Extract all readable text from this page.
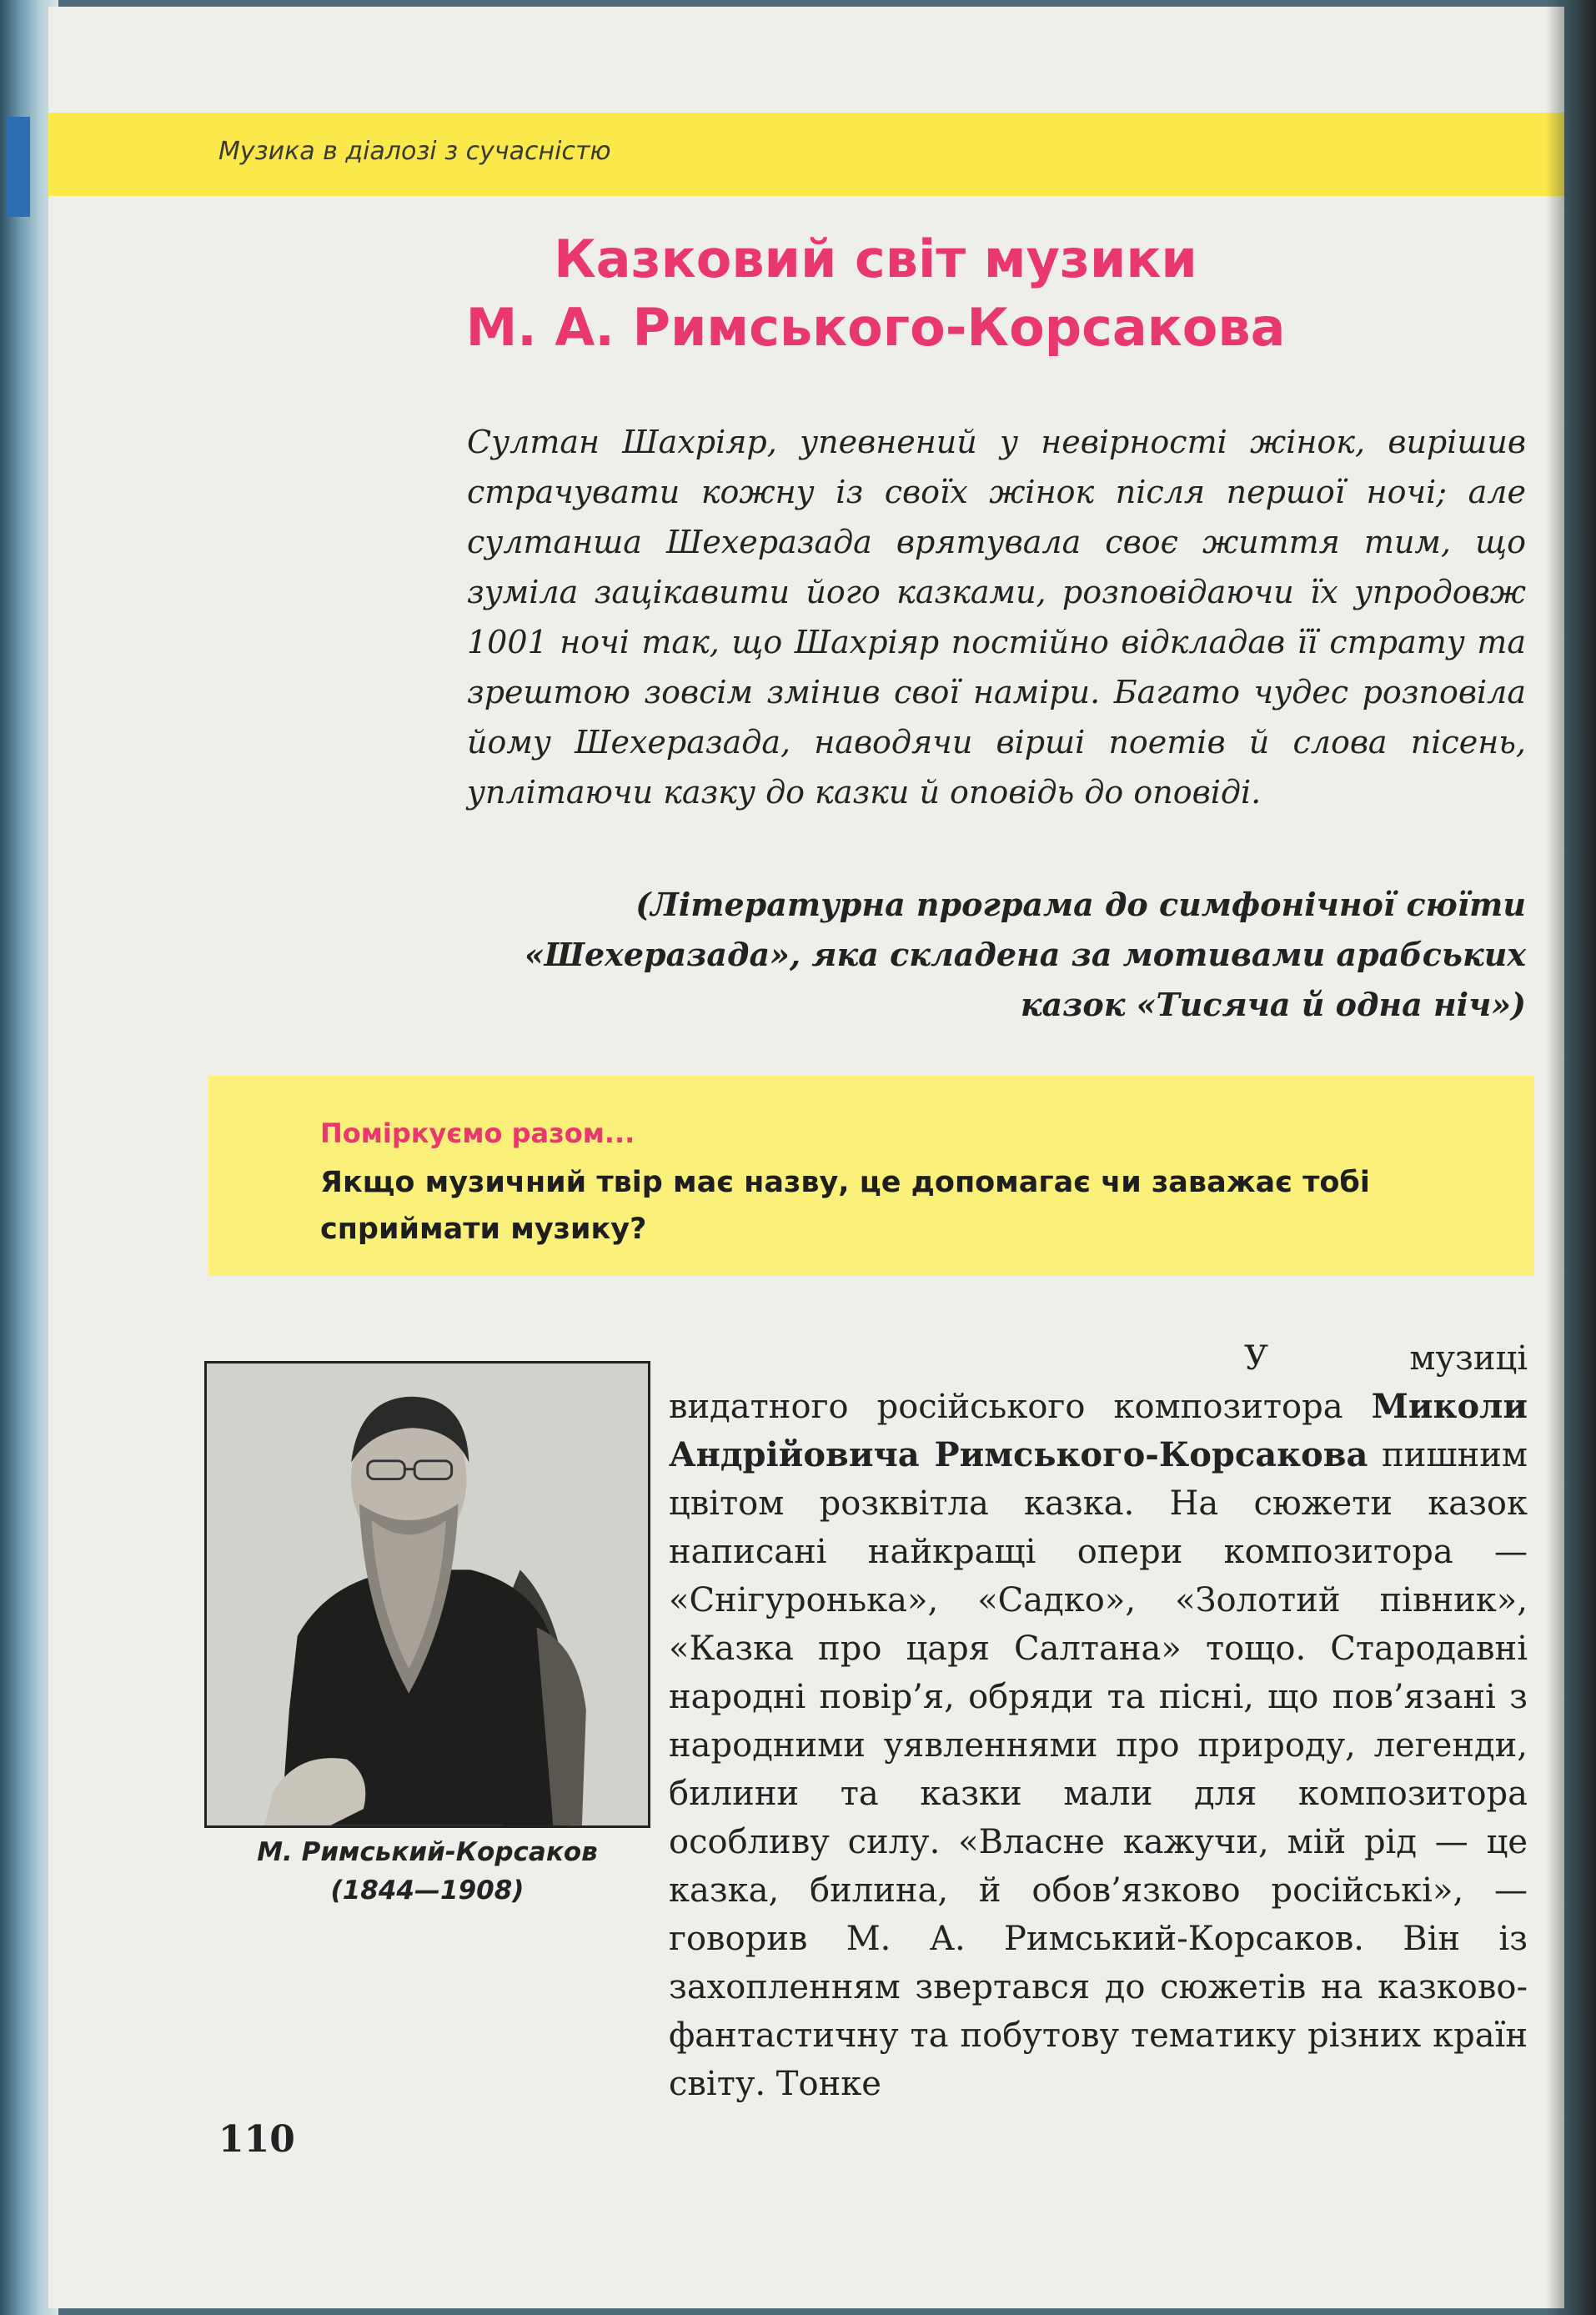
Музика в діалозі з сучасністю
Казковий світ музики
М. А. Римського-Корсакова
Султан Шахріяр, упевнений у невірності жінок, вирішив страчувати кожну із своїх жінок після першої ночі; але султанша Шехеразада врятувала своє життя тим, що зуміла зацікавити його казками, розповідаючи їх упродовж 1001 ночі так, що Шахріяр постійно відкладав її страту та зрештою зовсім змінив свої наміри. Багато чудес розповіла йому Шехеразада, наводячи вірші поетів й слова пісень, уплітаючи казку до казки й оповідь до оповіді.
(Літературна програма до симфонічної сюїти «Шехеразада», яка складена за мотивами арабських казок «Тисяча й одна ніч»)
Поміркуємо разом...
Якщо музичний твір має назву, це допомагає чи заважає тобі сприймати музику?
М. Римський-Корсаков
(1844—1908)
У музиці видатного російського композитора Миколи Андрійовича Римського-Корсакова пишним цвітом розквітла казка. На сюжети казок написані найкращі опери композитора — «Снігуронька», «Садко», «Золотий півник», «Казка про царя Салтана» тощо. Стародавні народні повір’я, обряди та пісні, що пов’язані з народними уявленнями про природу, легенди, билини та казки мали для композитора особливу силу. «Власне кажучи, мій рід — це казка, билина, й обов’язково російські», — говорив М. А. Римський-Корсаков. Він із захопленням звертався до сюжетів на казково-фантастичну та побутову тематику різних країн світу. Тонке
110
